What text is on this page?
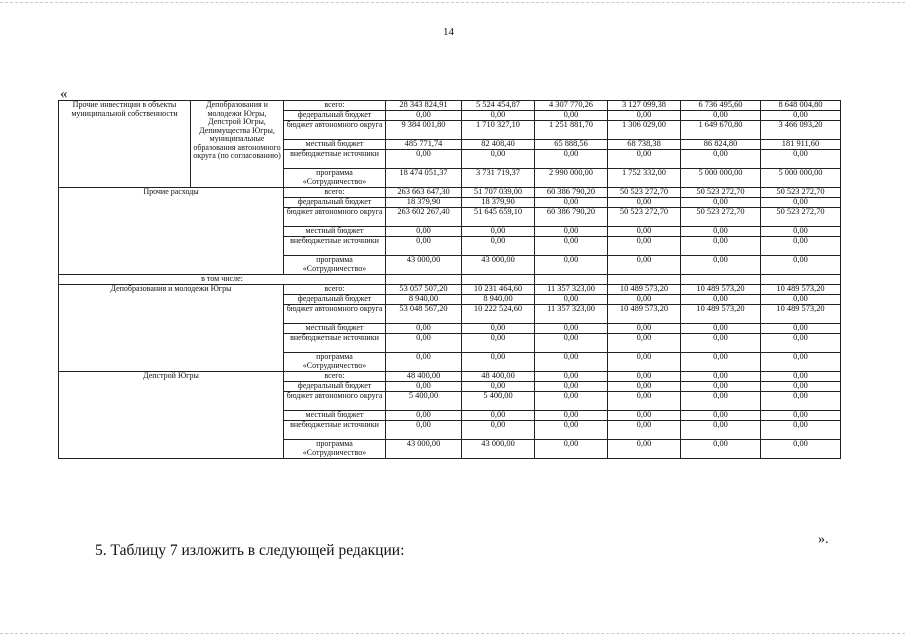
14
«
Прочие инвестиции в объекты муниципальной собственности	Депобразования и молодежи Югры, Депстрой Югры, Депимущества Югры, муниципальные образования автономного округа (по согласованию)	всего:	28 343 824,91	5 524 454,87	4 307 770,26	3 127 099,38	6 736 495,60	8 648 004,80
		федеральный бюджет	0,00	0,00	0,00	0,00	0,00	0,00
		бюджет автономного округа	9 384 001,80	1 710 327,10	1 251 881,70	1 306 029,00	1 649 670,80	3 466 093,20
		местный бюджет	485 771,74	82 408,40	65 888,56	68 738,38	86 824,80	181 911,60
		внебюджетные источники	0,00	0,00	0,00	0,00	0,00	0,00
		программа «Сотрудничество»	18 474 051,37	3 731 719,37	2 990 000,00	1 752 332,00	5 000 000,00	5 000 000,00
Прочие расходы		всего:	263 663 647,30	51 707 039,00	60 386 790,20	50 523 272,70	50 523 272,70	50 523 272,70
		федеральный бюджет	18 379,90	18 379,90	0,00	0,00	0,00	0,00
		бюджет автономного округа	263 602 267,40	51 645 659,10	60 386 790,20	50 523 272,70	50 523 272,70	50 523 272,70
		местный бюджет	0,00	0,00	0,00	0,00	0,00	0,00
		внебюджетные источники	0,00	0,00	0,00	0,00	0,00	0,00
		программа «Сотрудничество»	43 000,00	43 000,00	0,00	0,00	0,00	0,00
в том числе:								
Депобразования и молодежи Югры		всего:	53 057 507,20	10 231 464,60	11 357 323,00	10 489 573,20	10 489 573,20	10 489 573,20
		федеральный бюджет	8 940,00	8 940,00	0,00	0,00	0,00	0,00
		бюджет автономного округа	53 048 567,20	10 222 524,60	11 357 323,00	10 489 573,20	10 489 573,20	10 489 573,20
		местный бюджет	0,00	0,00	0,00	0,00	0,00	0,00
		внебюджетные источники	0,00	0,00	0,00	0,00	0,00	0,00
		программа «Сотрудничество»	0,00	0,00	0,00	0,00	0,00	0,00
Депстрой Югры		всего:	48 400,00	48 400,00	0,00	0,00	0,00	0,00
		федеральный бюджет	0,00	0,00	0,00	0,00	0,00	0,00
		бюджет автономного округа	5 400,00	5 400,00	0,00	0,00	0,00	0,00
		местный бюджет	0,00	0,00	0,00	0,00	0,00	0,00
		внебюджетные источники	0,00	0,00	0,00	0,00	0,00	0,00
		программа «Сотрудничество»	43 000,00	43 000,00	0,00	0,00	0,00	0,00
».
5. Таблицу 7 изложить в следующей редакции:
